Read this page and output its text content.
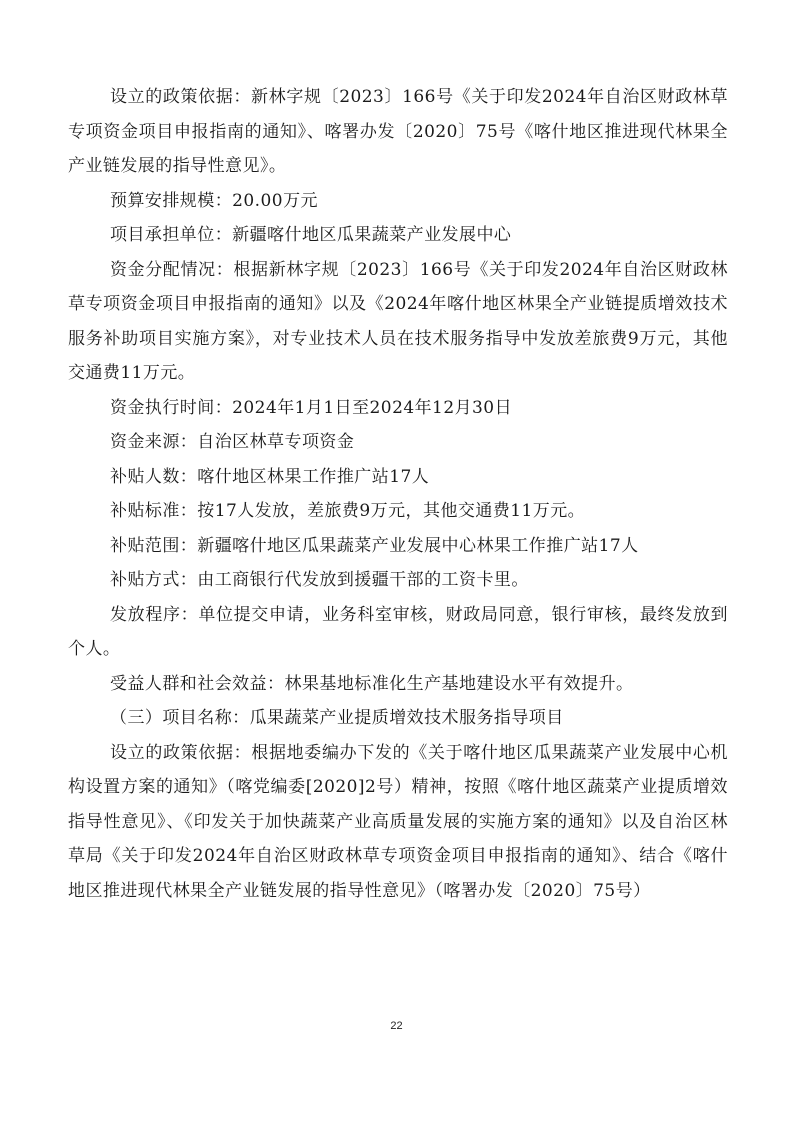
设立的政策依据：新林字规〔2023〕166号《关于印发2024年自治区财政林草专项资金项目申报指南的通知》、喀署办发〔2020〕75号《喀什地区推进现代林果全产业链发展的指导性意见》。

预算安排规模：20.00万元

项目承担单位：新疆喀什地区瓜果蔬菜产业发展中心

资金分配情况：根据新林字规〔2023〕166号《关于印发2024年自治区财政林草专项资金项目申报指南的通知》以及《2024年喀什地区林果全产业链提质增效技术服务补助项目实施方案》，对专业技术人员在技术服务指导中发放差旅费9万元，其他交通费11万元。

资金执行时间：2024年1月1日至2024年12月30日

资金来源：自治区林草专项资金

补贴人数：喀什地区林果工作推广站17人

补贴标准：按17人发放，差旅费9万元，其他交通费11万元。

补贴范围：新疆喀什地区瓜果蔬菜产业发展中心林果工作推广站17人

补贴方式：由工商银行代发放到援疆干部的工资卡里。

发放程序：单位提交申请，业务科室审核，财政局同意，银行审核，最终发放到个人。

受益人群和社会效益：林果基地标准化生产基地建设水平有效提升。

（三）项目名称：瓜果蔬菜产业提质增效技术服务指导项目

设立的政策依据：根据地委编办下发的《关于喀什地区瓜果蔬菜产业发展中心机构设置方案的通知》（喀党编委[2020]2号）精神，按照《喀什地区蔬菜产业提质增效指导性意见》、《印发关于加快蔬菜产业高质量发展的实施方案的通知》以及自治区林草局《关于印发2024年自治区财政林草专项资金项目申报指南的通知》、结合《喀什地区推进现代林果全产业链发展的指导性意见》（喀署办发〔2020〕75号）

22
